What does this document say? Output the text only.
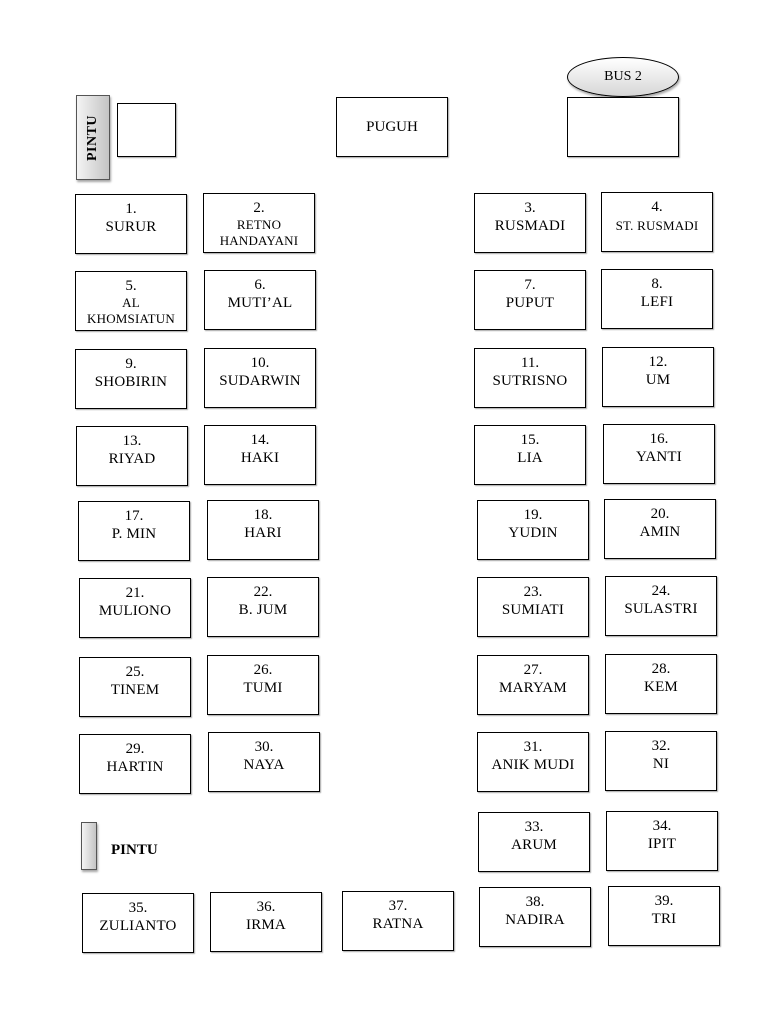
BUS 2
PINTU	PUGUH
1.
SURUR
2.
RETNO HANDAYANI
3.
RUSMADI
4.
ST. RUSMADI
5.
AL KHOMSIATUN
6.
MUTI’AL
7.
PUPUT
8.
LEFI
9.
SHOBIRIN
10.
SUDARWIN
11.
SUTRISNO
12.
UM
13.
RIYAD
14.
HAKI
15.
LIA
16.
YANTI
17.
P. MIN
18.
HARI
19.
YUDIN
20.
AMIN
21.
MULIONO
22.
B. JUM
23.
SUMIATI
24.
SULASTRI
25.
TINEM
26.
TUMI
27.
MARYAM
28.
KEM
29.
HARTIN
30.
NAYA
31.
ANIK MUDI
32.
NI
PINTU
33.
ARUM
34.
IPIT
35.
ZULIANTO
36.
IRMA
37.
RATNA
38.
NADIRA
39.
TRI
